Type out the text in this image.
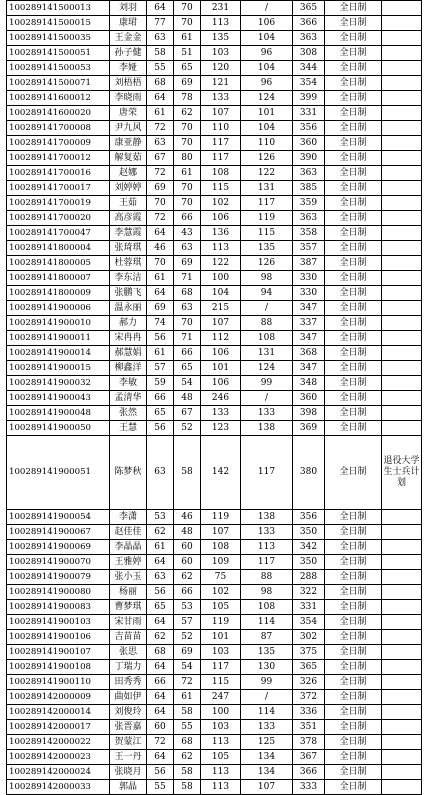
100289141500013	刘羽	64	70	231	/	365	全日制	
100289141500015	康珺	77	70	113	106	366	全日制	
100289141500035	王金金	63	61	135	104	363	全日制	
100289141500051	孙子健	58	51	103	96	308	全日制	
100289141500053	李娅	55	65	120	104	344	全日制	
100289141500071	刘梧梧	68	69	121	96	354	全日制	
100289141600012	李晓雨	64	78	133	124	399	全日制	
100289141600020	唐荣	61	62	107	101	331	全日制	
100289141700008	尹九风	72	70	110	104	356	全日制	
100289141700009	康亚静	63	70	117	110	360	全日制	
100289141700012	解复茹	67	80	117	126	390	全日制	
100289141700016	赵娜	72	61	108	122	363	全日制	
100289141700017	刘婷婷	69	70	115	131	385	全日制	
100289141700019	王茹	70	70	102	117	359	全日制	
100289141700020	高彦霞	72	66	106	119	363	全日制	
100289141700047	李慧霞	64	43	136	115	358	全日制	
100289141800004	张琦琪	46	63	113	135	357	全日制	
100289141800005	杜蓉琪	70	69	122	126	387	全日制	
100289141800007	李东洁	61	71	100	98	330	全日制	
100289141800009	张鹏飞	64	68	104	94	330	全日制	
100289141900006	温永丽	69	63	215	/	347	全日制	
100289141900010	郝力	74	70	107	88	337	全日制	
100289141900011	宋冉冉	56	71	112	108	347	全日制	
100289141900014	郝慧娟	61	66	106	131	368	全日制	
100289141900015	柳鑫洋	57	65	101	124	347	全日制	
100289141900032	李敏	59	54	106	99	348	全日制	
100289141900043	孟清华	66	48	246	/	360	全日制	
100289141900048	张然	65	67	133	133	398	全日制	
100289141900050	王慧	56	52	123	138	369	全日制	
100289141900051	陈梦秋	63	58	142	117	380	全日制	退役大学生士兵计划
100289141900054	李潇	53	46	119	138	356	全日制	
100289141900067	赵佳佳	62	48	107	133	350	全日制	
100289141900069	李晶晶	61	60	108	113	342	全日制	
100289141900070	王雅婷	64	60	109	117	350	全日制	
100289141900079	张小玉	63	62	75	88	288	全日制	
100289141900080	杨丽	56	66	102	98	322	全日制	
100289141900083	曹梦琪	65	53	105	108	331	全日制	
100289141900103	宋甘雨	64	57	119	114	354	全日制	
100289141900106	吉苗苗	62	52	101	87	302	全日制	
100289141900107	张思	68	69	103	135	375	全日制	
100289141900108	丁瑞力	64	54	117	130	365	全日制	
100289141900110	田秀秀	66	72	115	99	326	全日制	
100289142000009	曲如伊	64	61	247	/	372	全日制	
100289142000014	刘俊玲	64	58	100	114	336	全日制	
100289142000017	张晋嘉	60	55	103	133	351	全日制	
100289142000022	贺蒙江	72	68	113	125	378	全日制	
100289142000023	王一丹	64	62	105	134	367	全日制	
100289142000024	张晓月	56	58	113	134	366	全日制	
100289142000033	郭晶	55	58	113	107	333	全日制	
